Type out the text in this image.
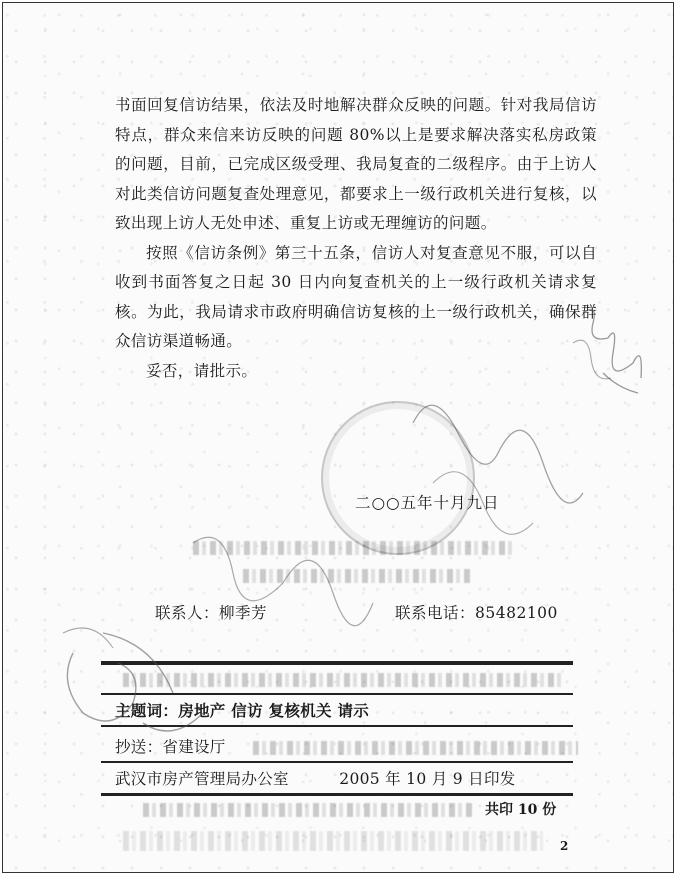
书面回复信访结果，依法及时地解决群众反映的问题。针对我局信访特点，群众来信来访反映的问题 80%以上是要求解决落实私房政策的问题，目前，已完成区级受理、我局复查的二级程序。由于上访人对此类信访问题复查处理意见，都要求上一级行政机关进行复核，以致出现上访人无处申述、重复上访或无理缠访的问题。

按照《信访条例》第三十五条，信访人对复查意见不服，可以自收到书面答复之日起 30 日内向复查机关的上一级行政机关请求复核。为此，我局请求市政府明确信访复核的上一级行政机关，确保群众信访渠道畅通。

妥否，请批示。

二○○五年十月九日
联系人：柳季芳	联系电话：85482100
主题词：房地产 信访 复核机关 请示
抄送：省建设厅
武汉市房产管理局办公室	2005 年 10 月 9 日印发
共印 10 份
2
